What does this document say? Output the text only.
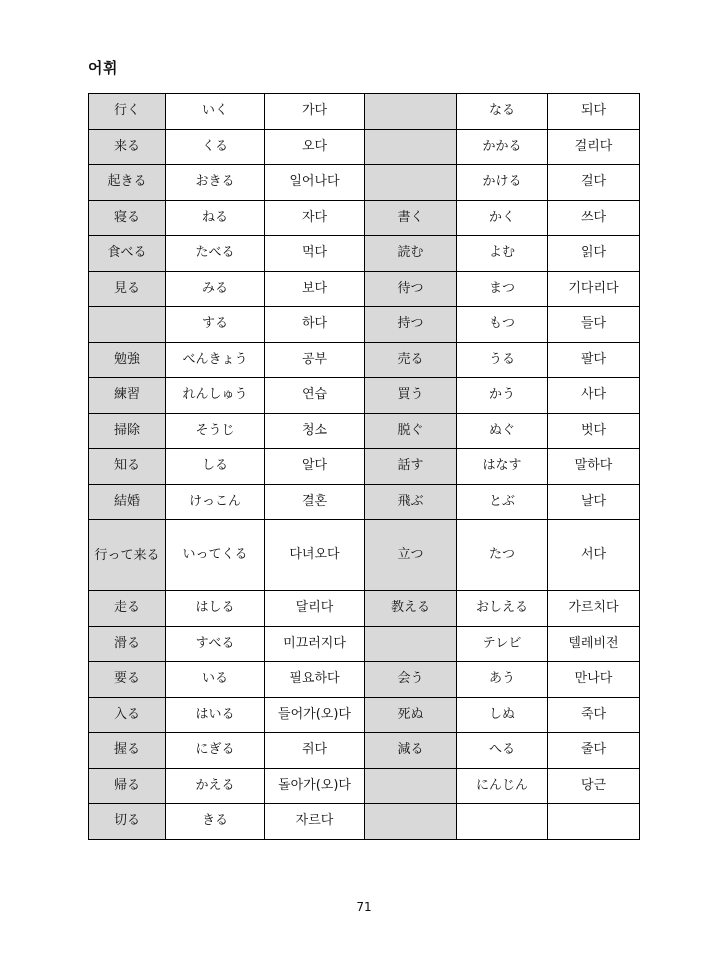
어휘
行く	いく	가다		なる	되다
来る	くる	오다		かかる	걸리다
起きる	おきる	일어나다		かける	걸다
寝る	ねる	자다	書く	かく	쓰다
食べる	たべる	먹다	読む	よむ	읽다
見る	みる	보다	待つ	まつ	기다리다
	する	하다	持つ	もつ	들다
勉強	べんきょう	공부	売る	うる	팔다
練習	れんしゅう	연습	買う	かう	사다
掃除	そうじ	청소	脱ぐ	ぬぐ	벗다
知る	しる	알다	話す	はなす	말하다
結婚	けっこん	결혼	飛ぶ	とぶ	날다
行って来る	いってくる	다녀오다	立つ	たつ	서다
走る	はしる	달리다	教える	おしえる	가르치다
滑る	すべる	미끄러지다		テレビ	텔레비전
要る	いる	필요하다	会う	あう	만나다
入る	はいる	들어가(오)다	死ぬ	しぬ	죽다
握る	にぎる	쥐다	減る	へる	줄다
帰る	かえる	돌아가(오)다		にんじん	당근
切る	きる	자르다			
71
